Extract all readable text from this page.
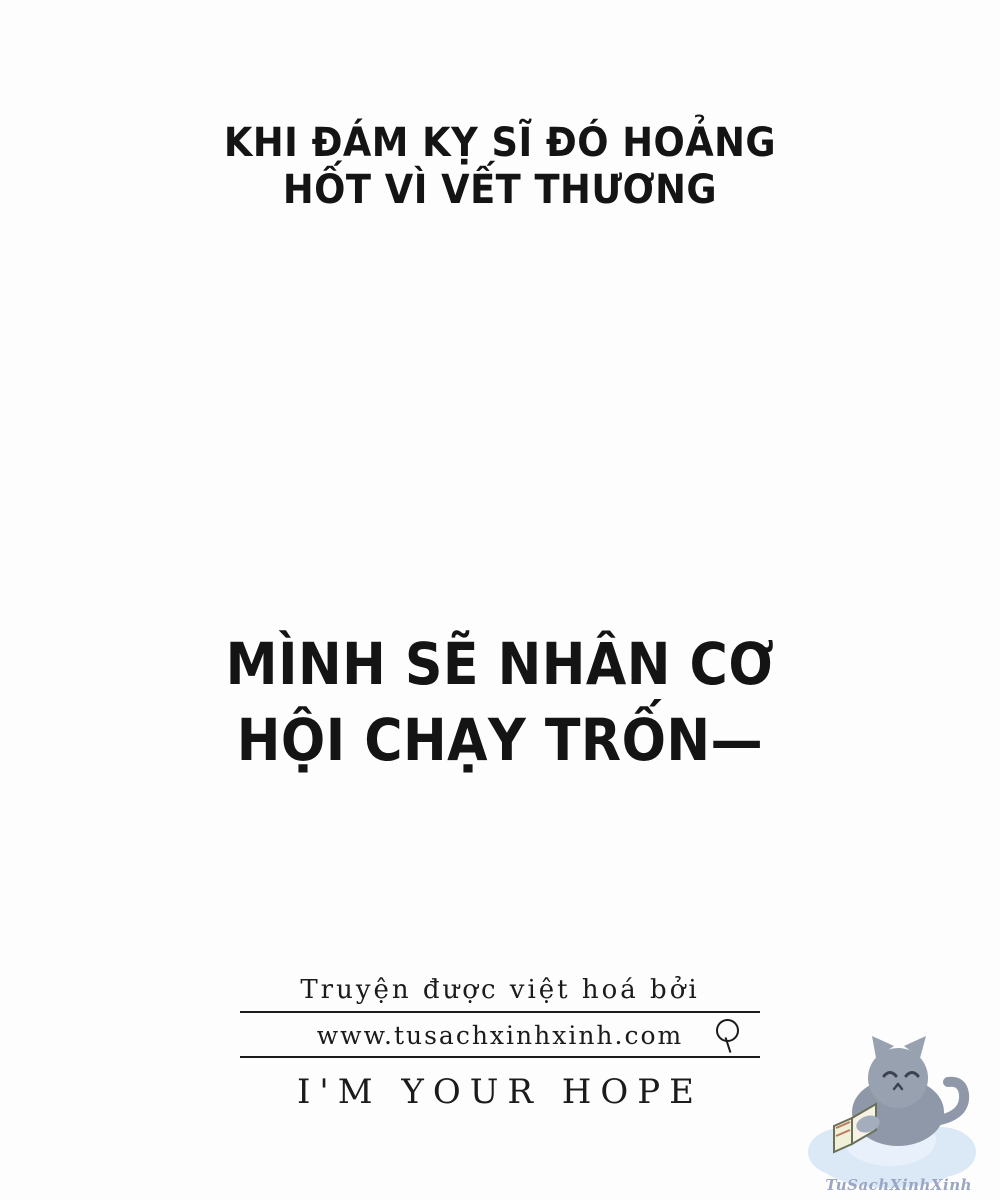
KHI ĐÁM KỴ SĨ ĐÓ HOẢNG
HỐT VÌ VẾT THƯƠNG
MÌNH SẼ NHÂN CƠ
HỘI CHẠY TRỐN—
Truyện được việt hoá bởi
www.tusachxinhxinh.com
I'M YOUR HOPE
TuSachXinhXinh
